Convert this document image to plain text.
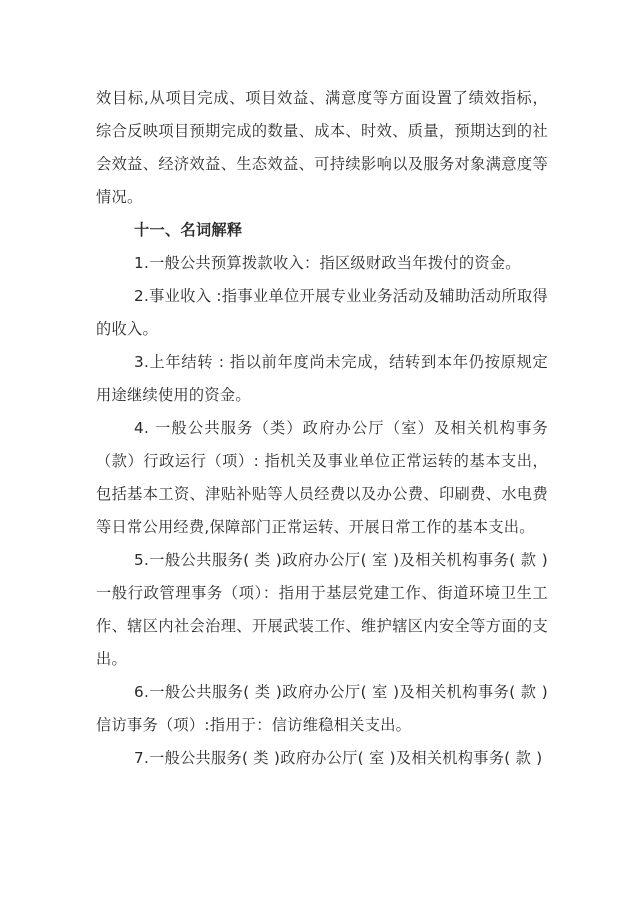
效目标,从项目完成、项目效益、满意度等方面设置了绩效指标，综合反映项目预期完成的数量、成本、时效、质量，预期达到的社会效益、经济效益、生态效益、可持续影响以及服务对象满意度等情况。

十一、名词解释

1.一般公共预算拨款收入：指区级财政当年拨付的资金。

2.事业收入 :指事业单位开展专业业务活动及辅助活动所取得的收入。

3.上年结转 : 指以前年度尚未完成，结转到本年仍按原规定用途继续使用的资金。

4. 一般公共服务（类）政府办公厅（室）及相关机构事务（款）行政运行（项）: 指机关及事业单位正常运转的基本支出，包括基本工资、津贴补贴等人员经费以及办公费、印刷费、水电费等日常公用经费,保障部门正常运转、开展日常工作的基本支出。

5.一般公共服务( 类 )政府办公厅( 室 )及相关机构事务( 款 )一般行政管理事务（项）：指用于基层党建工作、街道环境卫生工作、辖区内社会治理、开展武装工作、维护辖区内安全等方面的支出。

6.一般公共服务( 类 )政府办公厅( 室 )及相关机构事务( 款 )信访事务（项）:指用于：信访维稳相关支出。

7.一般公共服务( 类 )政府办公厅( 室 )及相关机构事务( 款 )
